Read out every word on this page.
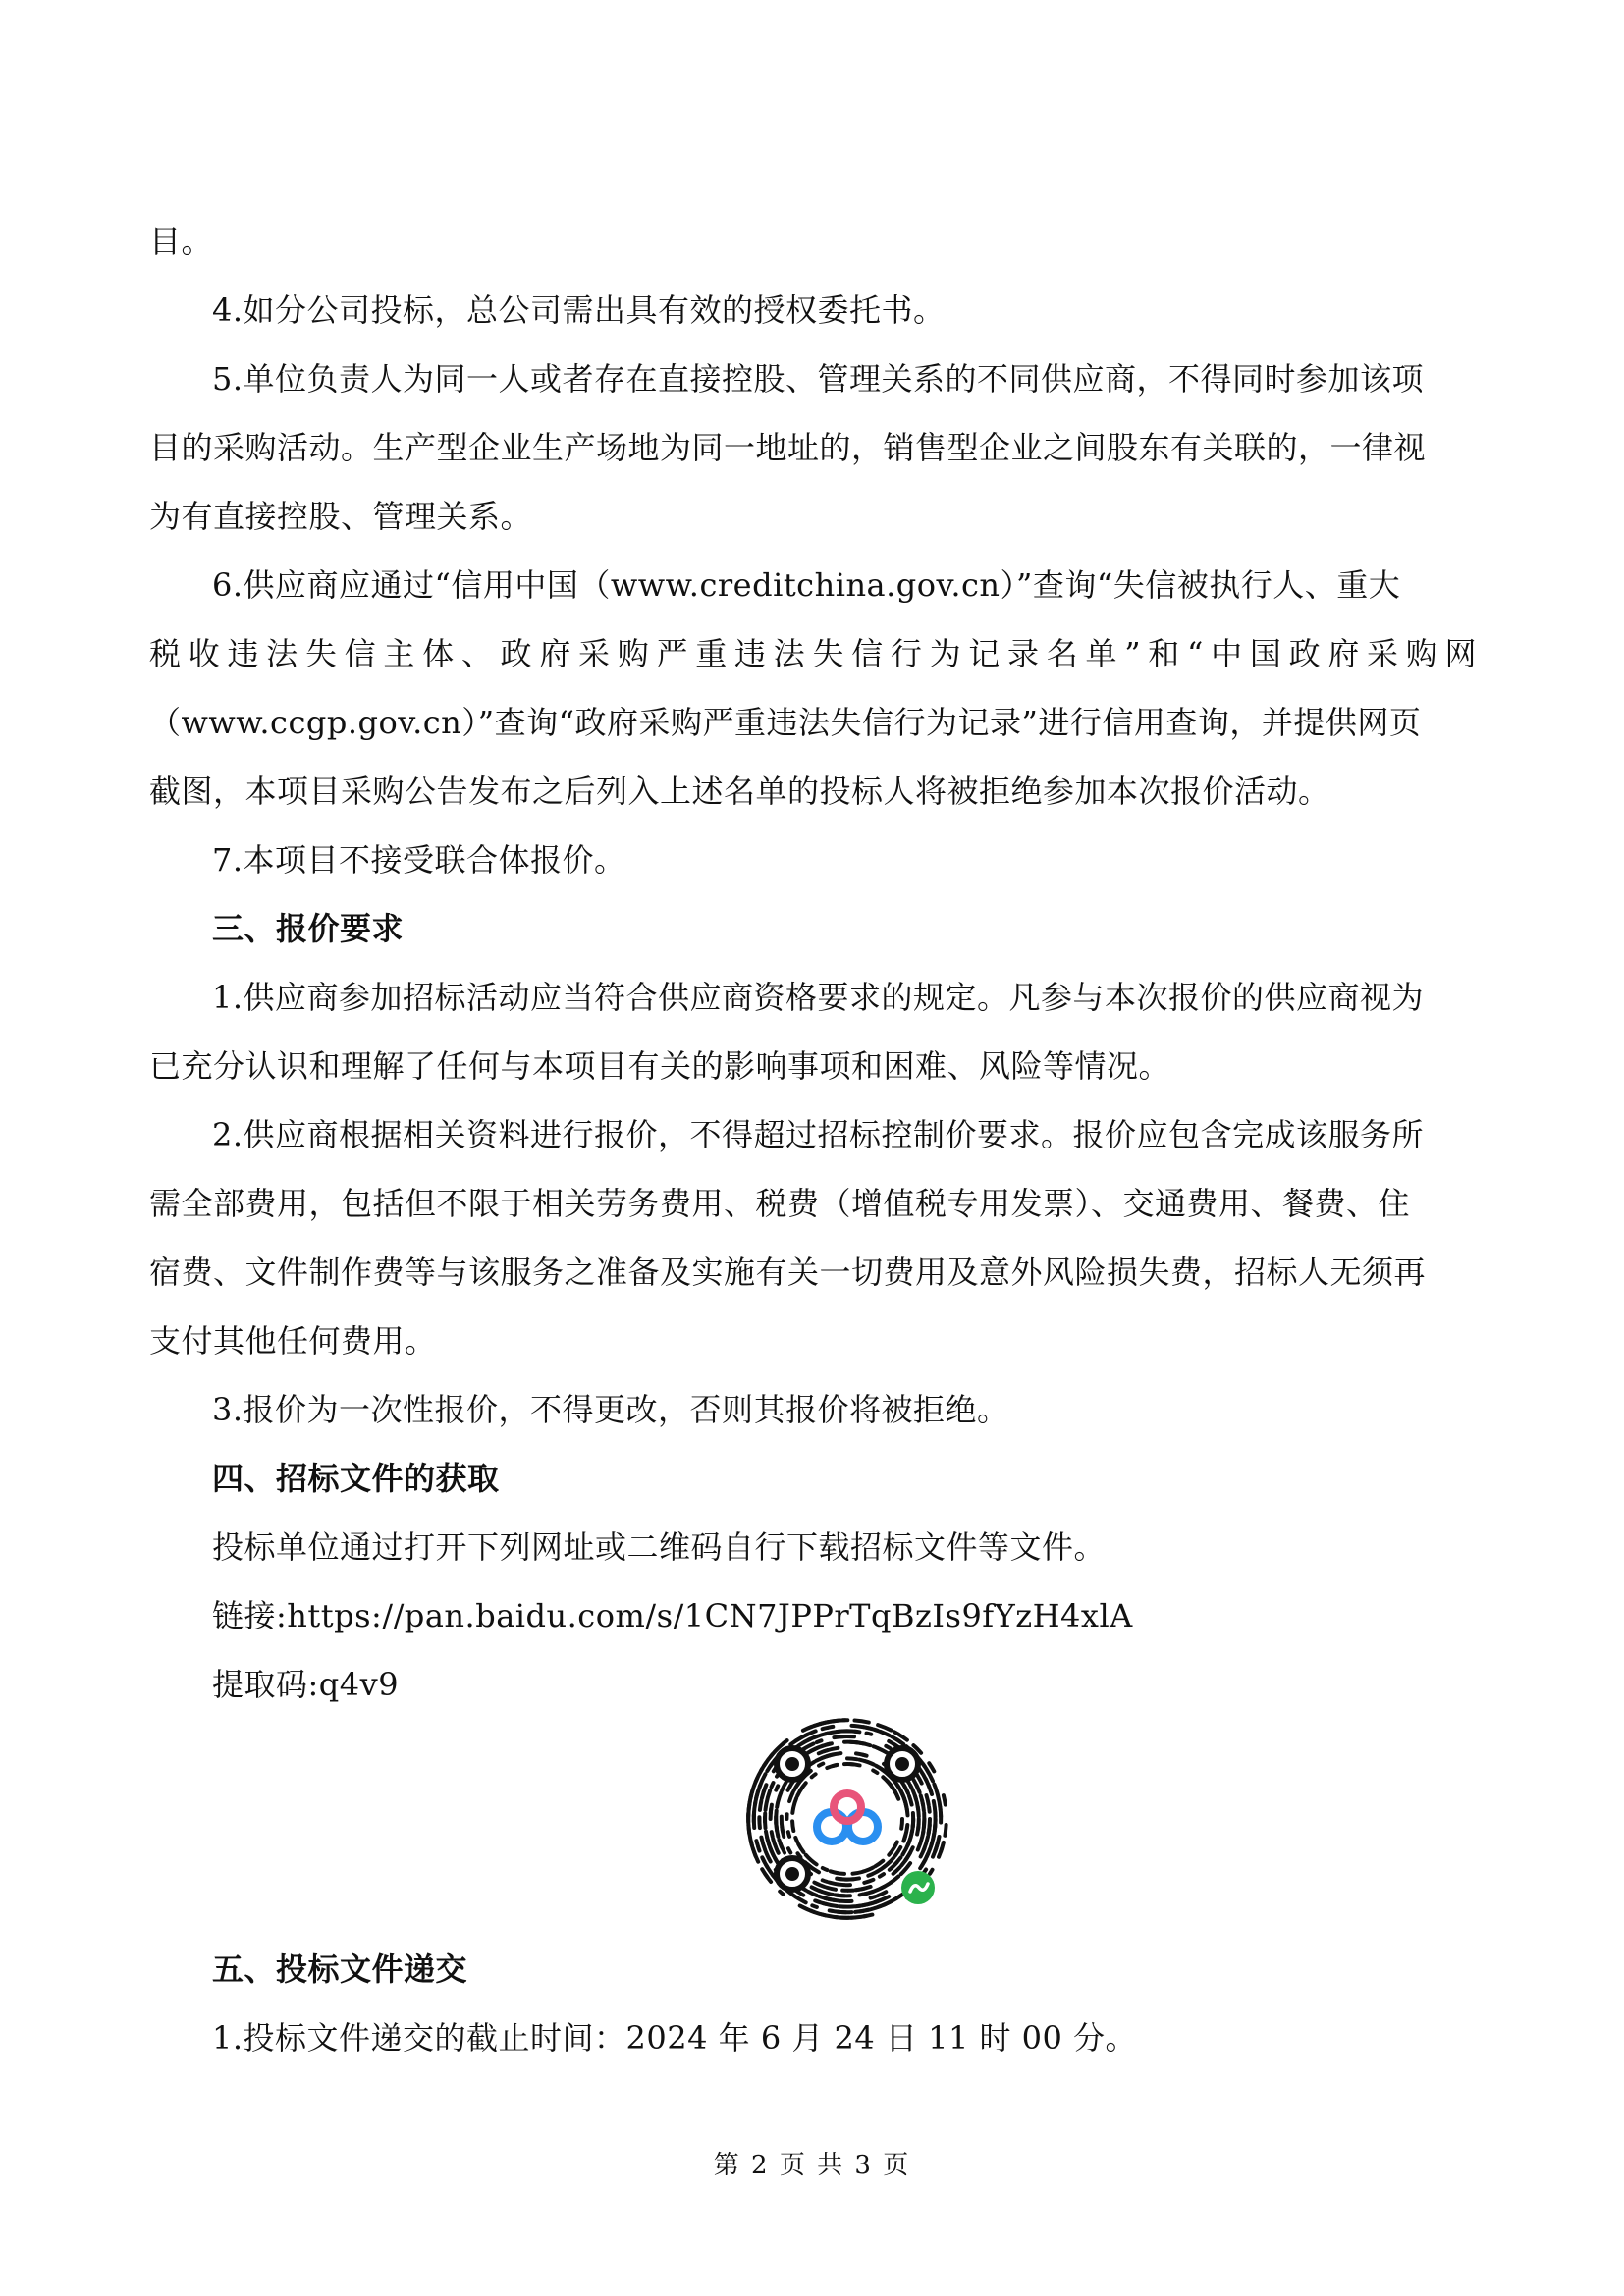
目。
4.如分公司投标，总公司需出具有效的授权委托书。
5.单位负责人为同一人或者存在直接控股、管理关系的不同供应商，不得同时参加该项
目的采购活动。生产型企业生产场地为同一地址的，销售型企业之间股东有关联的，一律视
为有直接控股、管理关系。
6.供应商应通过“信用中国（www.creditchina.gov.cn）”查询“失信被执行人、重大
税收违法失信主体、政府采购严重违法失信行为记录名单”和“中国政府采购网
（www.ccgp.gov.cn）”查询“政府采购严重违法失信行为记录”进行信用查询，并提供网页
截图，本项目采购公告发布之后列入上述名单的投标人将被拒绝参加本次报价活动。
7.本项目不接受联合体报价。
三、报价要求
1.供应商参加招标活动应当符合供应商资格要求的规定。凡参与本次报价的供应商视为
已充分认识和理解了任何与本项目有关的影响事项和困难、风险等情况。
2.供应商根据相关资料进行报价，不得超过招标控制价要求。报价应包含完成该服务所
需全部费用，包括但不限于相关劳务费用、税费（增值税专用发票）、交通费用、餐费、住
宿费、文件制作费等与该服务之准备及实施有关一切费用及意外风险损失费，招标人无须再
支付其他任何费用。
3.报价为一次性报价，不得更改，否则其报价将被拒绝。
四、招标文件的获取
投标单位通过打开下列网址或二维码自行下载招标文件等文件。
链接:https://pan.baidu.com/s/1CN7JPPrTqBzIs9fYzH4xlA
提取码:q4v9
五、投标文件递交
1.投标文件递交的截止时间：2024 年 6 月 24 日 11 时 00 分。
第 2 页 共 3 页
